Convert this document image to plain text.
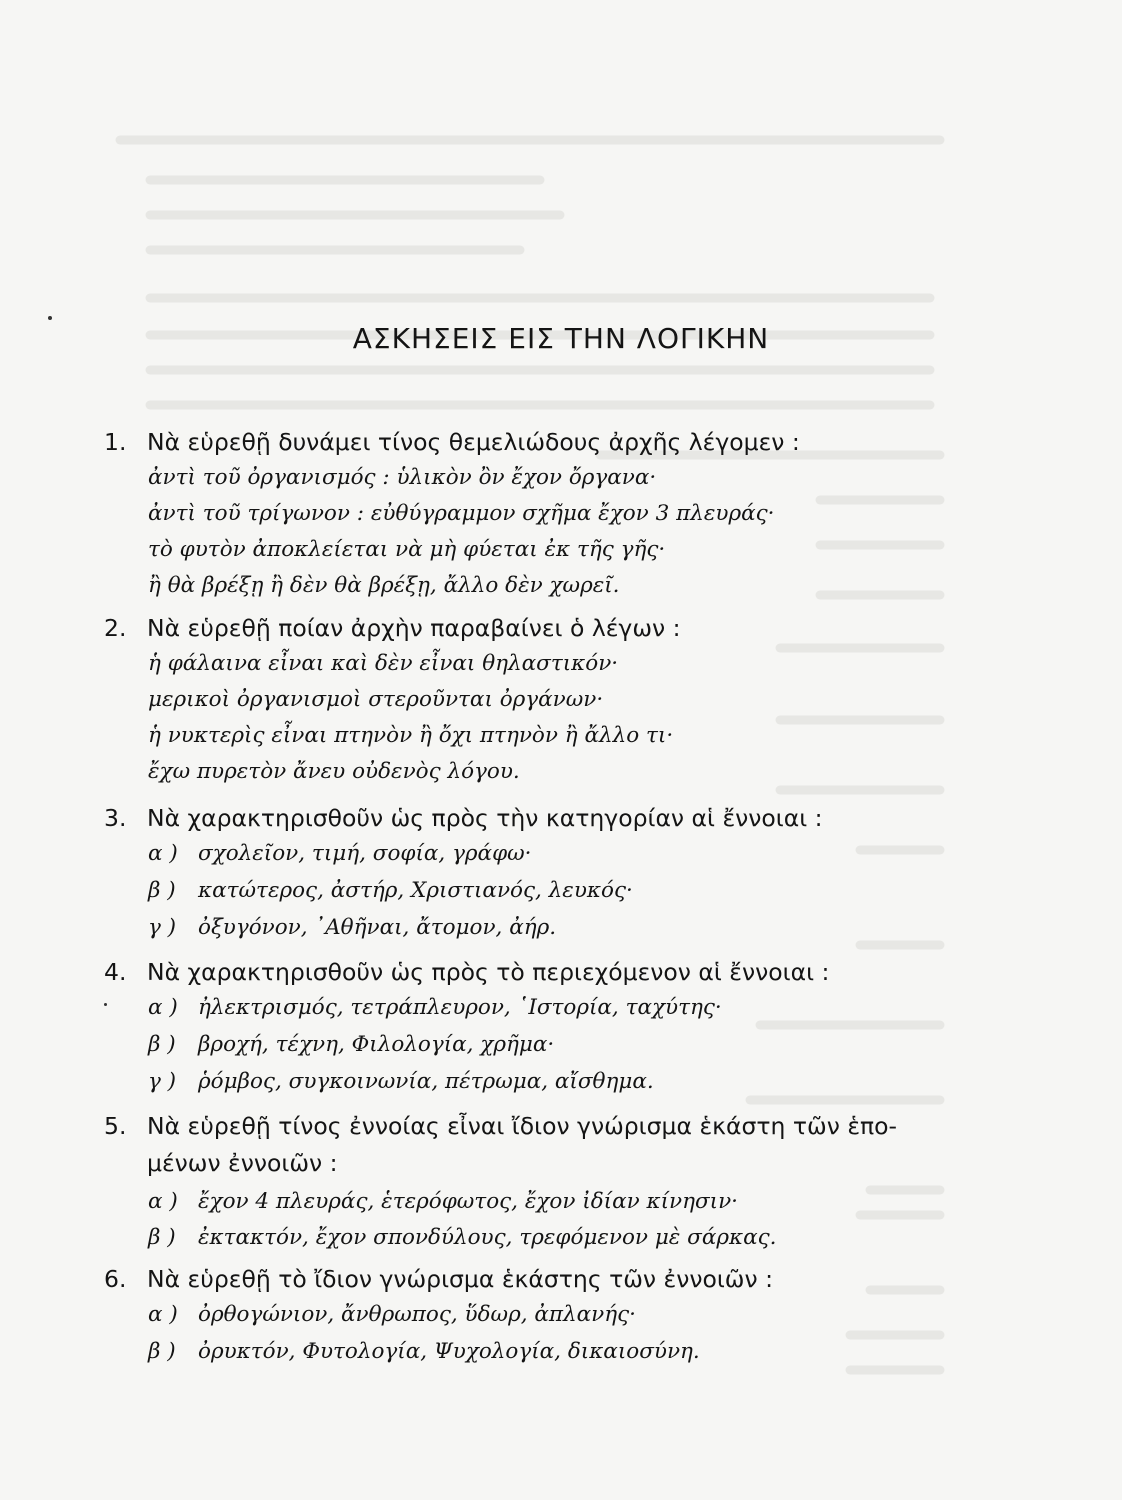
ΑΣΚΗΣΕΙΣ ΕΙΣ ΤΗΝ ΛΟΓΙΚΗΝ
1. Νὰ εὑρεθῇ δυνάμει τίνος θεμελιώδους ἀρχῆς λέγομεν :
ἀντὶ τοῦ ὀργανισμός : ὑλικὸν ὂν ἔχον ὄργανα·
ἀντὶ τοῦ τρίγωνον : εὐθύγραμμον σχῆμα ἔχον 3 πλευράς·
τὸ φυτὸν ἀποκλείεται νὰ μὴ φύεται ἐκ τῆς γῆς·
ἢ θὰ βρέξῃ ἢ δὲν θὰ βρέξῃ, ἄλλο δὲν χωρεῖ.
2. Νὰ εὑρεθῇ ποίαν ἀρχὴν παραβαίνει ὁ λέγων :
ἡ φάλαινα εἶναι καὶ δὲν εἶναι θηλαστικόν·
μερικοὶ ὀργανισμοὶ στεροῦνται ὀργάνων·
ἡ νυκτερὶς εἶναι πτηνὸν ἢ ὄχι πτηνὸν ἢ ἄλλο τι·
ἔχω πυρετὸν ἄνευ οὐδενὸς λόγου.
3. Νὰ χαρακτηρισθοῦν ὡς πρὸς τὴν κατηγορίαν αἱ ἔννοιαι :
α ) σχολεῖον, τιμή, σοφία, γράφω·
β ) κατώτερος, ἀστήρ, Χριστιανός, λευκός·
γ ) ὀξυγόνον, ᾿Αθῆναι, ἄτομον, ἀήρ.
4. Νὰ χαρακτηρισθοῦν ὡς πρὸς τὸ περιεχόμενον αἱ ἔννοιαι :
α ) ἠλεκτρισμός, τετράπλευρον, ῾Ιστορία, ταχύτης·
β ) βροχή, τέχνη, Φιλολογία, χρῆμα·
γ ) ῥόμβος, συγκοινωνία, πέτρωμα, αἴσθημα.
5. Νὰ εὑρεθῇ τίνος ἐννοίας εἶναι ἴδιον γνώρισμα ἑκάστη τῶν ἑπο-
μένων ἐννοιῶν :
α ) ἔχον 4 πλευράς, ἑτερόφωτος, ἔχον ἰδίαν κίνησιν·
β ) ἐκτακτόν, ἔχον σπονδύλους, τρεφόμενον μὲ σάρκας.
6. Νὰ εὑρεθῇ τὸ ἴδιον γνώρισμα ἑκάστης τῶν ἐννοιῶν :
α ) ὀρθογώνιον, ἄνθρωπος, ὕδωρ, ἀπλανής·
β ) ὀρυκτόν, Φυτολογία, Ψυχολογία, δικαιοσύνη.
